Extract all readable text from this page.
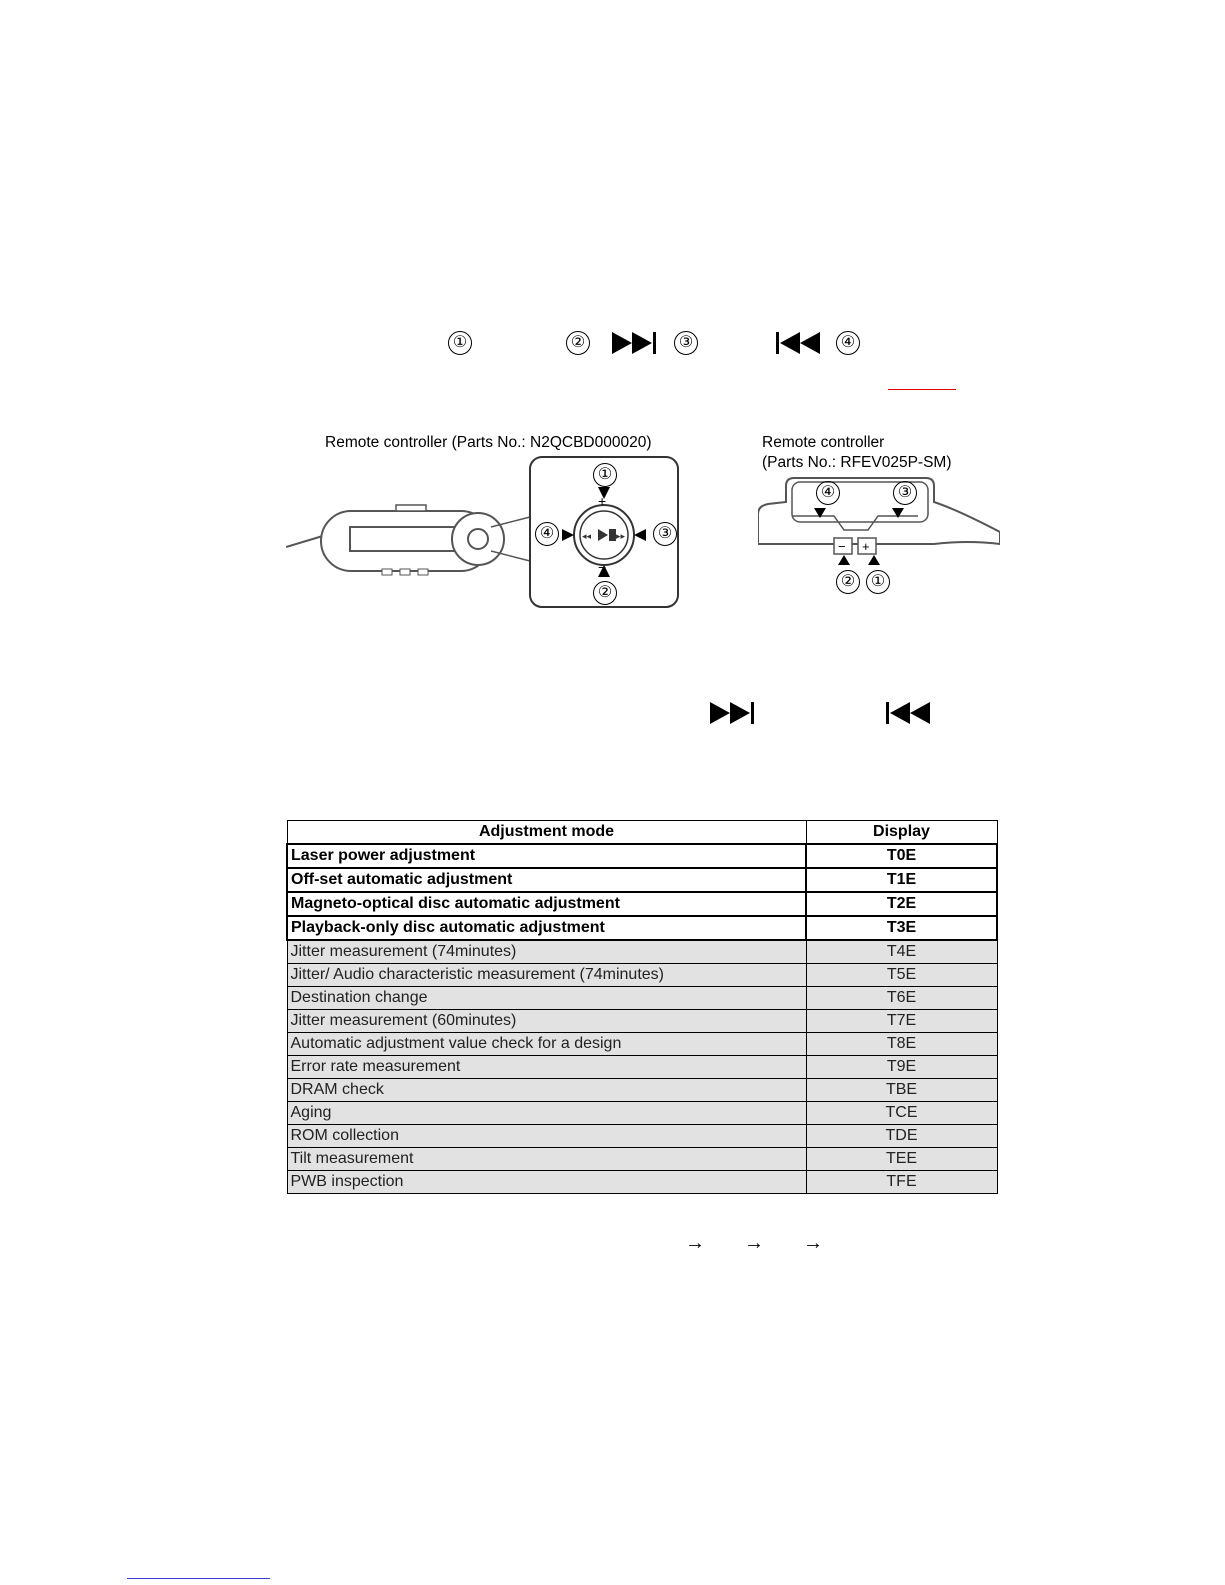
①	②	③	④
Remote controller (Parts No.: N2QCBD000020)
◂◂	▸▸
+
−
①
②
③
④
Remote controller
(Parts No.: RFEV025P-SM)
− +
④	③
② ①
Adjustment mode	Display
Laser power adjustment	T0E
Off-set automatic adjustment	T1E
Magneto-optical disc automatic adjustment	T2E
Playback-only disc automatic adjustment	T3E
Jitter measurement (74minutes)	T4E
Jitter/ Audio characteristic measurement (74minutes)	T5E
Destination change	T6E
Jitter measurement (60minutes)	T7E
Automatic adjustment value check for a design	T8E
Error rate measurement	T9E
DRAM check	TBE
Aging	TCE
ROM collection	TDE
Tilt measurement	TEE
PWB inspection	TFE
→ → →
